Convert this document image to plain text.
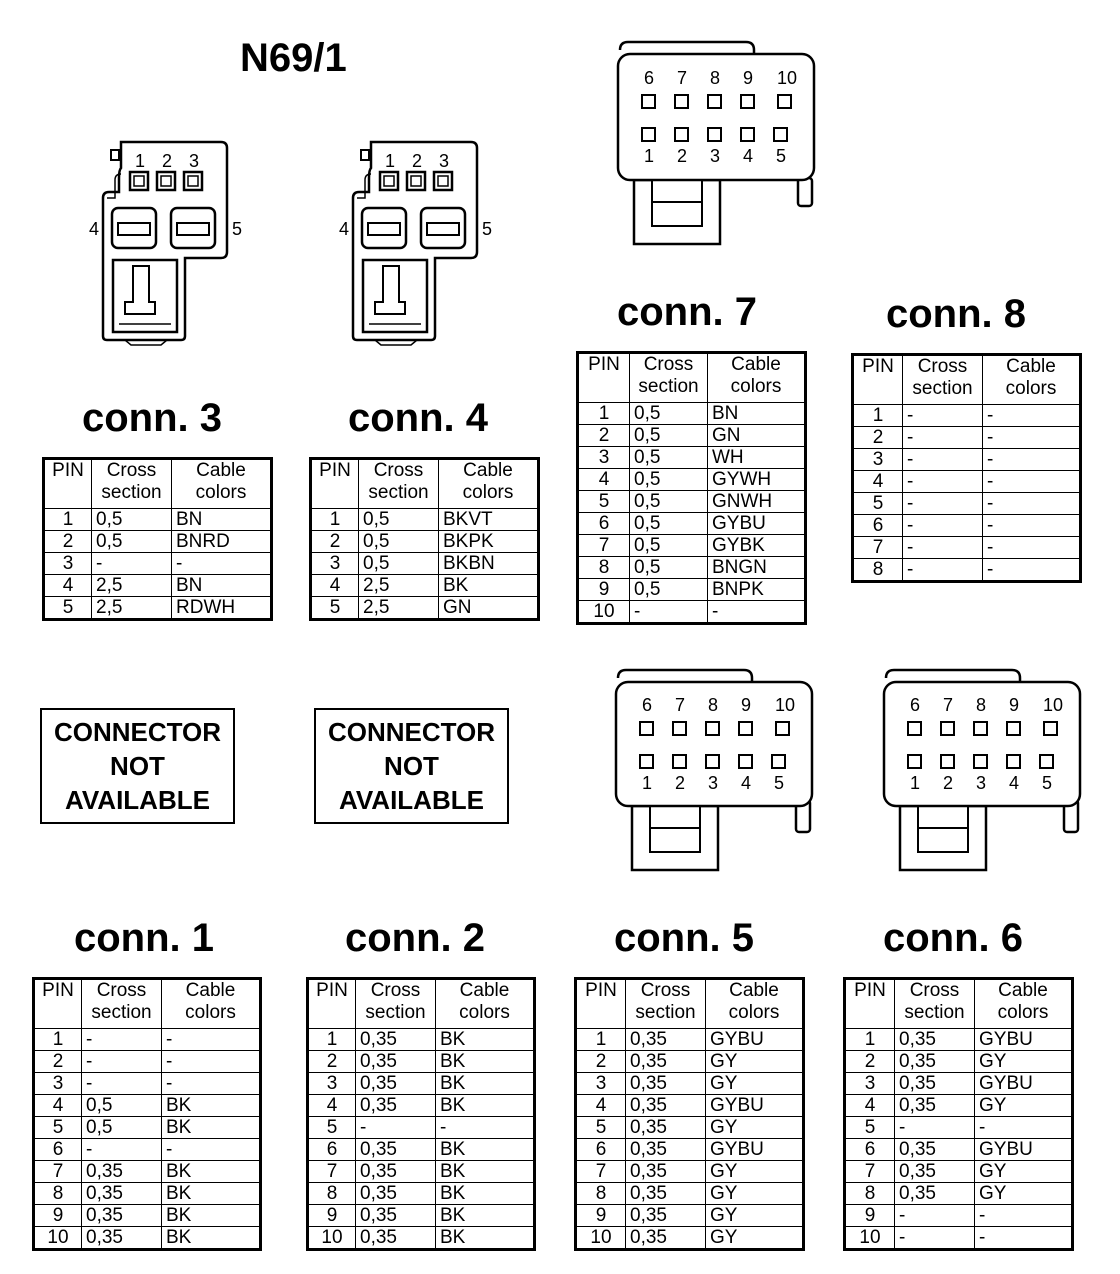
N69/1
1 2 3
4	5
1 2 3
4	5
6 7 8 9 10
1 2 3 4 5
6 7 8 9 10
1 2 3 4 5
6 7 8 9 10
1 2 3 4 5
conn. 3	conn. 4
conn. 7	conn. 8
conn. 1	conn. 2	conn. 5	conn. 6
CONNECTOR NOT AVAILABLE
CONNECTOR NOT AVAILABLE
PIN	Cross section	Cable colors
1	0,5	BN
2	0,5	BNRD
3	-	-
4	2,5	BN
5	2,5	RDWH
PIN	Cross section	Cable colors
1	0,5	BKVT
2	0,5	BKPK
3	0,5	BKBN
4	2,5	BK
5	2,5	GN
PIN	Cross section	Cable colors
1	0,5	BN
2	0,5	GN
3	0,5	WH
4	0,5	GYWH
5	0,5	GNWH
6	0,5	GYBU
7	0,5	GYBK
8	0,5	BNGN
9	0,5	BNPK
10	-	-
PIN	Cross section	Cable colors
1	-	-
2	-	-
3	-	-
4	-	-
5	-	-
6	-	-
7	-	-
8	-	-
PIN	Cross section	Cable colors
1	-	-
2	-	-
3	-	-
4	0,5	BK
5	0,5	BK
6	-	-
7	0,35	BK
8	0,35	BK
9	0,35	BK
10	0,35	BK
PIN	Cross section	Cable colors
1	0,35	BK
2	0,35	BK
3	0,35	BK
4	0,35	BK
5	-	-
6	0,35	BK
7	0,35	BK
8	0,35	BK
9	0,35	BK
10	0,35	BK
PIN	Cross section	Cable colors
1	0,35	GYBU
2	0,35	GY
3	0,35	GY
4	0,35	GYBU
5	0,35	GY
6	0,35	GYBU
7	0,35	GY
8	0,35	GY
9	0,35	GY
10	0,35	GY
PIN	Cross section	Cable colors
1	0,35	GYBU
2	0,35	GY
3	0,35	GYBU
4	0,35	GY
5	-	-
6	0,35	GYBU
7	0,35	GY
8	0,35	GY
9	-	-
10	-	-
